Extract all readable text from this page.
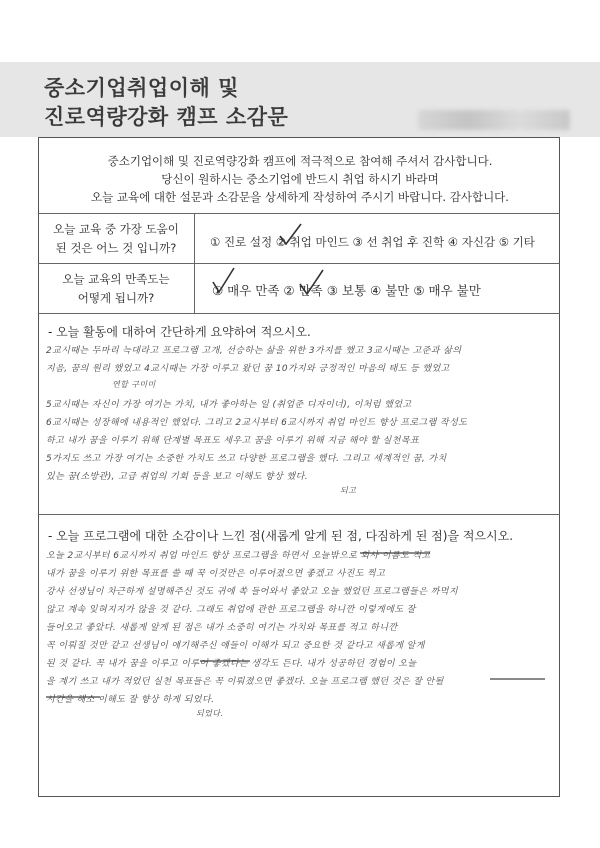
중소기업취업이해 및
진로역량강화 캠프 소감문

중소기업이해 및 진로역량강화 캠프에 적극적으로 참여해 주셔서 감사합니다.

당신이 원하시는 중소기업에 반드시 취업 하시기 바라며

오늘 교육에 대한 설문과 소감문을 상세하게 작성하여 주시기 바랍니다. 감사합니다.

오늘 교육 중 가장 도움이
된 것은 어느 것 입니까?	① 진로 설정 ② 취업 마인드 ③ 선 취업 후 진학 ④ 자신감 ⑤ 기타
오늘 교육의 만족도는
어떻게 됩니까?	① 매우 만족 ② 만족 ③ 보통 ④ 불만 ⑤ 매우 불만
- 오늘 활동에 대하여 간단하게 요약하여 적으시오.
2교시때는 두마리 늑대라고 프로그램 고개, 선승하는 삶을 위한 3가지를 했고 3교시때는 고준과 삶의
지음, 꿈의 원리 했었고 4교시때는 가장 이루고 왔던 꿈 10가지와 긍정적인 마음의 태도 등 했었고
연합 구미미
5교시때는 자신이 가장 여기는 가치, 내가 좋아하는 일 (취업준 디자이너), 이처럼 했었고
6교시때는 성장해에 내용적인 했었다. 그리고 2교시부터 6교시까지 취업 마인드 향상 프로그램 작성도
하고 내가 꿈을 이루기 위해 단계별 목표도 세우고 꿈을 이루기 위해 지금 해야 할 실천목표
5가지도 쓰고 가장 여기는 소중한 가치도 쓰고 다양한 프로그램을 했다. 그리고 세계적인 꿈, 가치
있는 꿈(소방관), 고급 취업의 기회 등을 보고 이해도 향상 했다.
되고
- 오늘 프로그램에 대한 소감이나 느낀 점(새롭게 알게 된 점, 다짐하게 된 점)을 적으시오.
오늘 2교시부터 6교시까지 취업 마인드 향상 프로그램을 하면서 오늘밖으로 회사 이름도 적고
내가 꿈을 이루기 위한 목표를 쓸 때 꾹 이것만은 이루어졌으면 좋겠고 사진도 찍고
강사 선생님이 차근하게 설명해주신 것도 귀에 쏙 들어와서 좋았고 오늘 했었던 프로그램들은 까먹지
않고 계속 잊혀지지가 않을 것 같다. 그래도 취업에 관한 프로그램을 하니깐 이렇게에도 잘
들어오고 좋았다. 새롭게 알게 된 점은 내가 소중히 여기는 가치와 목표를 적고 하니깐
꼭 이뤄질 것만 같고 선생님이 얘기해주신 얘들이 이해가 되고 중요한 것 같다고 새롭게 알게
된 것 같다. 꼭 내가 꿈을 이루고 이루어 좋겠다는 생각도 든다. 내가 성공하던 경험이 오늘
을 계기 쓰고 내가 적었던 실천 목표들은 꼭 이뤄졌으면 좋겠다. 오늘 프로그램 했던 것은 잘 안될
시간을 해소 이해도 잘 향상 하게 되었다.
되었다.
